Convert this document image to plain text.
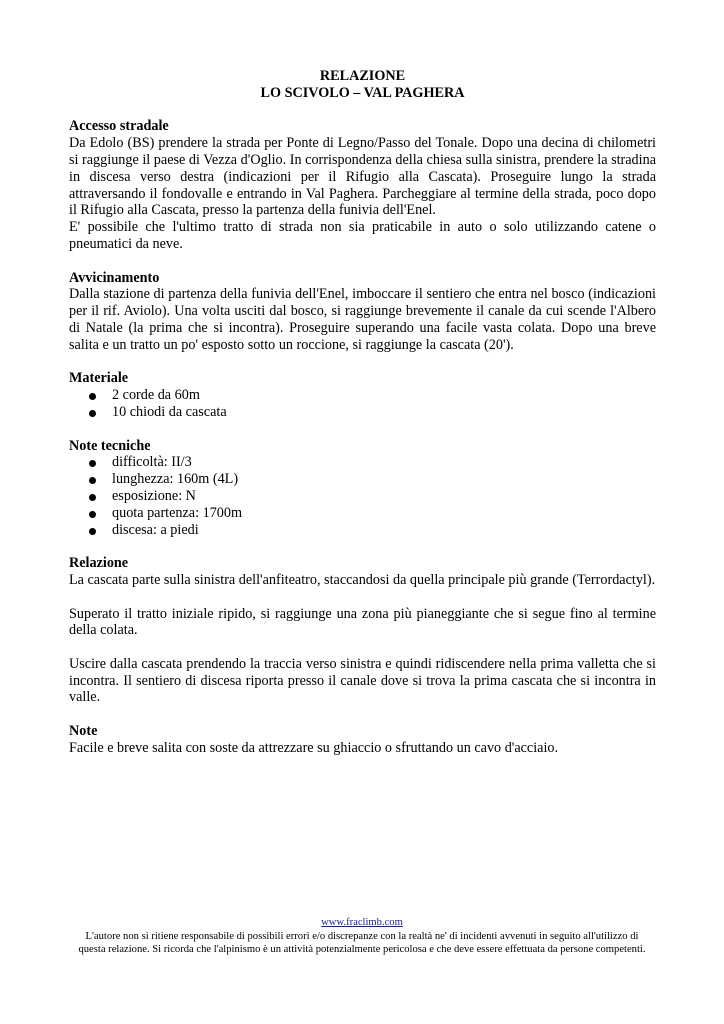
RELAZIONE

LO SCIVOLO – VAL PAGHERA

Accesso stradale

Da Edolo (BS) prendere la strada per Ponte di Legno/Passo del Tonale. Dopo una decina di chilometri si raggiunge il paese di Vezza d'Oglio. In corrispondenza della chiesa sulla sinistra, prendere la stradina in discesa verso destra (indicazioni per il Rifugio alla Cascata). Proseguire lungo la strada attraversando il fondovalle e entrando in Val Paghera. Parcheggiare al termine della strada, poco dopo il Rifugio alla Cascata, presso la partenza della funivia dell'Enel.

E' possibile che l'ultimo tratto di strada non sia praticabile in auto o solo utilizzando catene o pneumatici da neve.

Avvicinamento

Dalla stazione di partenza della funivia dell'Enel, imboccare il sentiero che entra nel bosco (indicazioni per il rif. Aviolo). Una volta usciti dal bosco, si raggiunge brevemente il canale da cui scende l'Albero di Natale (la prima che si incontra). Proseguire superando una facile vasta colata. Dopo una breve salita e un tratto un po' esposto sotto un roccione, si raggiunge la cascata (20').

Materiale

2 corde da 60m
10 chiodi da cascata

Note tecniche

difficoltà: II/3
lunghezza: 160m (4L)
esposizione: N
quota partenza: 1700m
discesa: a piedi

Relazione

La cascata parte sulla sinistra dell'anfiteatro, staccandosi da quella principale più grande (Terrordactyl).

Superato il tratto iniziale ripido, si raggiunge una zona più pianeggiante che si segue fino al termine della colata.

Uscire dalla cascata prendendo la traccia verso sinistra e quindi ridiscendere nella prima valletta che si incontra. Il sentiero di discesa riporta presso il canale dove si trova la prima cascata che si incontra in valle.

Note

Facile e breve salita con soste da attrezzare su ghiaccio o sfruttando un cavo d'acciaio.

www.fraclimb.com
L'autore non si ritiene responsabile di possibili errori e/o discrepanze con la realtà ne' di incidenti avvenuti in seguito all'utilizzo di
questa relazione. Si ricorda che l'alpinismo è un attività potenzialmente pericolosa e che deve essere effettuata da persone competenti.
